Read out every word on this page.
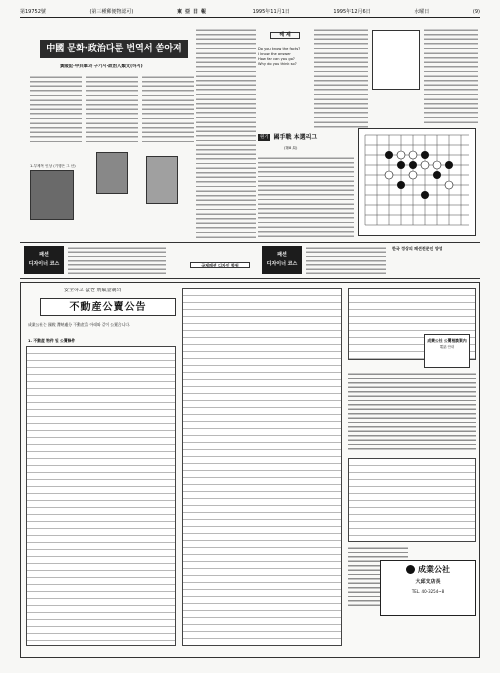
第19752號	(第三種郵便物認可)	東亞日報	1995年11月1日	1995年12月6日	水曜日	(9)
中國 문화·政治다룬 번역서 쏟아져
黃陵記·中共軍과 구기시·政治人類文(하지)
1-부제목 인상 (기행은 그 산)
해 제
Do you know the facts?
I know the answer
How far can you go?
Why do you think so?
원기 國手戰 本選리그
(第8 局)
패션
디자이너 코스	국제패션 디자인 학원
패션
디자이너 코스
한국 정상의 패션전문인 양성
安全하고 값싼 刑賦金制의
不動産公賣公告
成業公社는 國稅 滯納處分 不動産을 아래와 같이 公賣合니다.
1. 不動産 物件 및 公賣條件	成業公社 公賣相談案內
電話 안내
成業公社
大邱支店長
TEL. 40-3254~8
